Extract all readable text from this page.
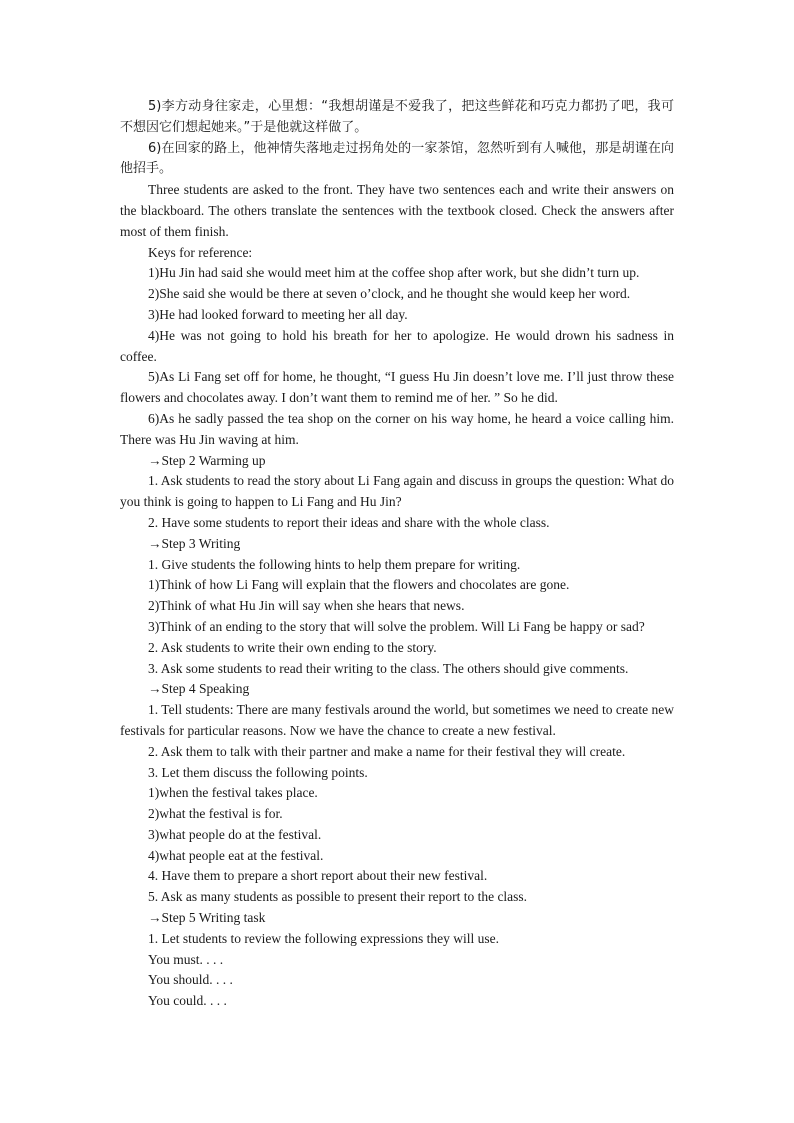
5)李方动身往家走，心里想：“我想胡谨是不爱我了，把这些鲜花和巧克力都扔了吧，我可不想因它们想起她来。”于是他就这样做了。

6)在回家的路上，他神情失落地走过拐角处的一家茶馆，忽然听到有人喊他，那是胡谨在向他招手。

Three students are asked to the front. They have two sentences each and write their answers on the blackboard. The others translate the sentences with the textbook closed. Check the answers after most of them finish.

Keys for reference:

1)Hu Jin had said she would meet him at the coffee shop after work, but she didn’t turn up.

2)She said she would be there at seven o’clock, and he thought she would keep her word.

3)He had looked forward to meeting her all day.

4)He was not going to hold his breath for her to apologize. He would drown his sadness in coffee.

5)As Li Fang set off for home, he thought, “I guess Hu Jin doesn’t love me. I’ll just throw these flowers and chocolates away. I don’t want them to remind me of her. ” So he did.

6)As he sadly passed the tea shop on the corner on his way home, he heard a voice calling him. There was Hu Jin waving at him.

→Step 2 Warming up

1. Ask students to read the story about Li Fang again and discuss in groups the question: What do you think is going to happen to Li Fang and Hu Jin?

2. Have some students to report their ideas and share with the whole class.

→Step 3 Writing

1. Give students the following hints to help them prepare for writing.

1)Think of how Li Fang will explain that the flowers and chocolates are gone.

2)Think of what Hu Jin will say when she hears that news.

3)Think of an ending to the story that will solve the problem. Will Li Fang be happy or sad?

2. Ask students to write their own ending to the story.

3. Ask some students to read their writing to the class. The others should give comments.

→Step 4 Speaking

1. Tell students: There are many festivals around the world, but sometimes we need to create new festivals for particular reasons. Now we have the chance to create a new festival.

2. Ask them to talk with their partner and make a name for their festival they will create.

3. Let them discuss the following points.

1)when the festival takes place.

2)what the festival is for.

3)what people do at the festival.

4)what people eat at the festival.

4. Have them to prepare a short report about their new festival.

5. Ask as many students as possible to present their report to the class.

→Step 5 Writing task

1. Let students to review the following expressions they will use.

You must. . . .

You should. . . .

You could. . . .
